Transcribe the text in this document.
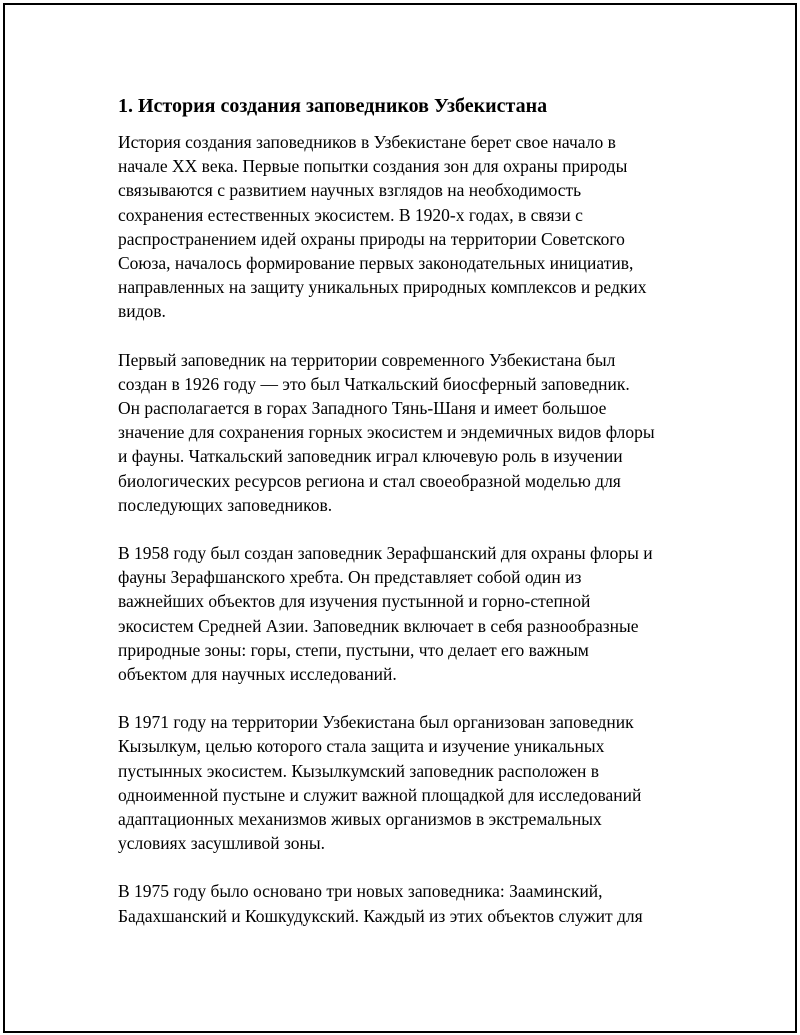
1. История создания заповедников Узбекистана
История создания заповедников в Узбекистане берет свое начало в
начале XX века. Первые попытки создания зон для охраны природы
связываются с развитием научных взглядов на необходимость
сохранения естественных экосистем. В 1920-х годах, в связи с
распространением идей охраны природы на территории Советского
Союза, началось формирование первых законодательных инициатив,
направленных на защиту уникальных природных комплексов и редких
видов.
Первый заповедник на территории современного Узбекистана был
создан в 1926 году — это был Чаткальский биосферный заповедник.
Он располагается в горах Западного Тянь-Шаня и имеет большое
значение для сохранения горных экосистем и эндемичных видов флоры
и фауны. Чаткальский заповедник играл ключевую роль в изучении
биологических ресурсов региона и стал своеобразной моделью для
последующих заповедников.
В 1958 году был создан заповедник Зерафшанский для охраны флоры и
фауны Зерафшанского хребта. Он представляет собой один из
важнейших объектов для изучения пустынной и горно-степной
экосистем Средней Азии. Заповедник включает в себя разнообразные
природные зоны: горы, степи, пустыни, что делает его важным
объектом для научных исследований.
В 1971 году на территории Узбекистана был организован заповедник
Кызылкум, целью которого стала защита и изучение уникальных
пустынных экосистем. Кызылкумский заповедник расположен в
одноименной пустыне и служит важной площадкой для исследований
адаптационных механизмов живых организмов в экстремальных
условиях засушливой зоны.
В 1975 году было основано три новых заповедника: Зааминский,
Бадахшанский и Кошкудукский. Каждый из этих объектов служит для
